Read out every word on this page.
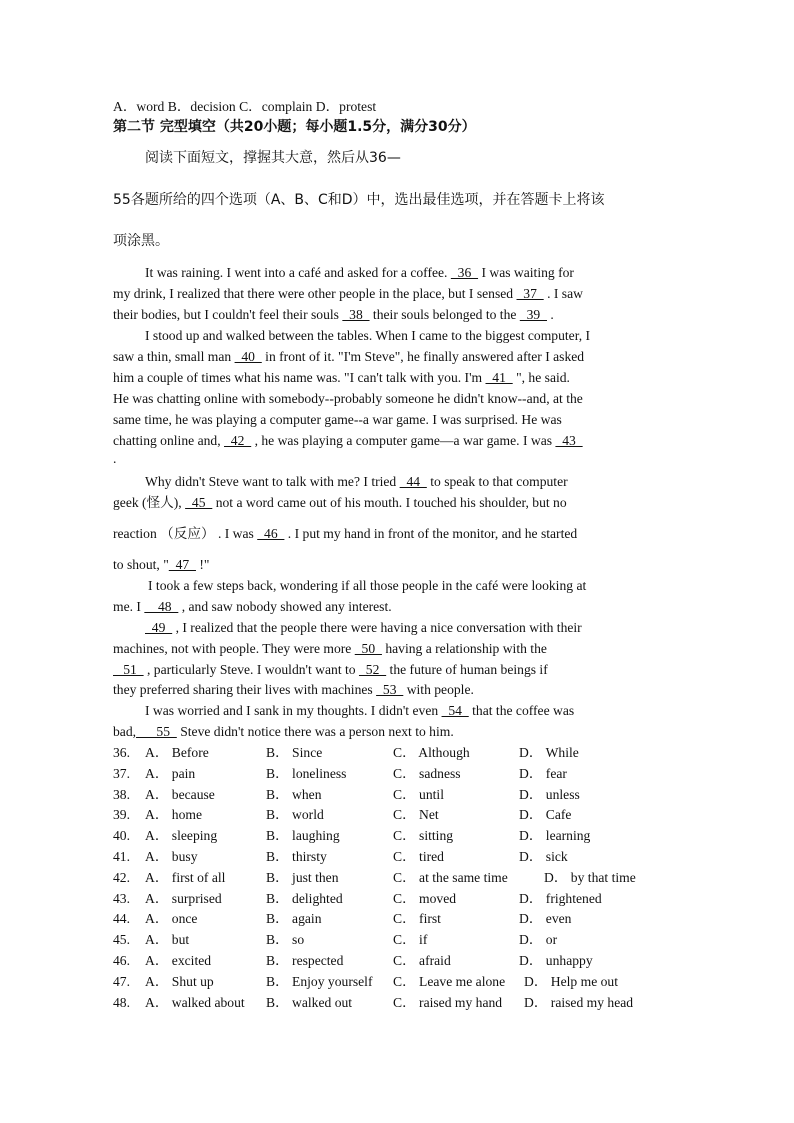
A．word B．decision C．complain D．protest
第二节 完型填空（共20小题；每小题1.5分，满分30分）
阅读下面短文，撑握其大意，然后从36—
55各题所给的四个选项（A、B、C和D）中，选出最佳选项，并在答题卡上将该
项涂黑。
It was raining. I went into a café and asked for a coffee.   36   I was waiting for
my drink, I realized that there were other people in the place, but I sensed   37   . I saw
their bodies, but I couldn't feel their souls   38   their souls belonged to the   39   .
I stood up and walked between the tables. When I came to the biggest computer, I
saw a thin, small man   40   in front of it. "I'm Steve", he finally answered after I asked
him a couple of times what his name was. "I can't talk with you. I'm   41   ", he said.
He was chatting online with somebody--probably someone he didn't know--and, at the
same time, he was playing a computer game--a war game. I was surprised. He was
chatting online and,   42   , he was playing a computer game—a war game. I was   43
.
Why didn't Steve want to talk with me? I tried   44   to speak to that computer
geek (怪人),   45   not a word came out of his mouth. I touched his shoulder, but no
reaction （反应） . I was   46   . I put my hand in front of the monitor, and he started
to shout, "  47   !"
I took a few steps back, wondering if all those people in the café were looking at
me. I     48   , and saw nobody showed any interest.
49   , I realized that the people there were having a nice conversation with their
machines, not with people. They were more   50   having a relationship with the
51   , particularly Steve. I wouldn't want to   52   the future of human beings if
they preferred sharing their lives with machines   53   with people.
I was worried and I sank in my thoughts. I didn't even   54   that the coffee was
bad,      55   Steve didn't notice there was a person next to him.
36. A． Before	B． Since	C． Although	D． While
37. A． pain	B． loneliness	C． sadness	D． fear
38. A． because	B． when	C． until	D． unless
39. A． home	B． world	C． Net	D． Cafe
40. A． sleeping	B． laughing	C． sitting	D． learning
41. A． busy	B． thirsty	C． tired	D． sick
42. A． first of all	B． just then	C． at the same time	D． by that time
43. A． surprised	B． delighted	C． moved	D． frightened
44. A． once	B． again	C． first	D． even
45. A． but	B． so	C． if	D． or
46. A． excited	B． respected	C． afraid	D． unhappy
47. A． Shut up	B． Enjoy yourself C． Leave me alone D． Help me out
48. A． walked about B． walked out	C． raised my hand D． raised my head
